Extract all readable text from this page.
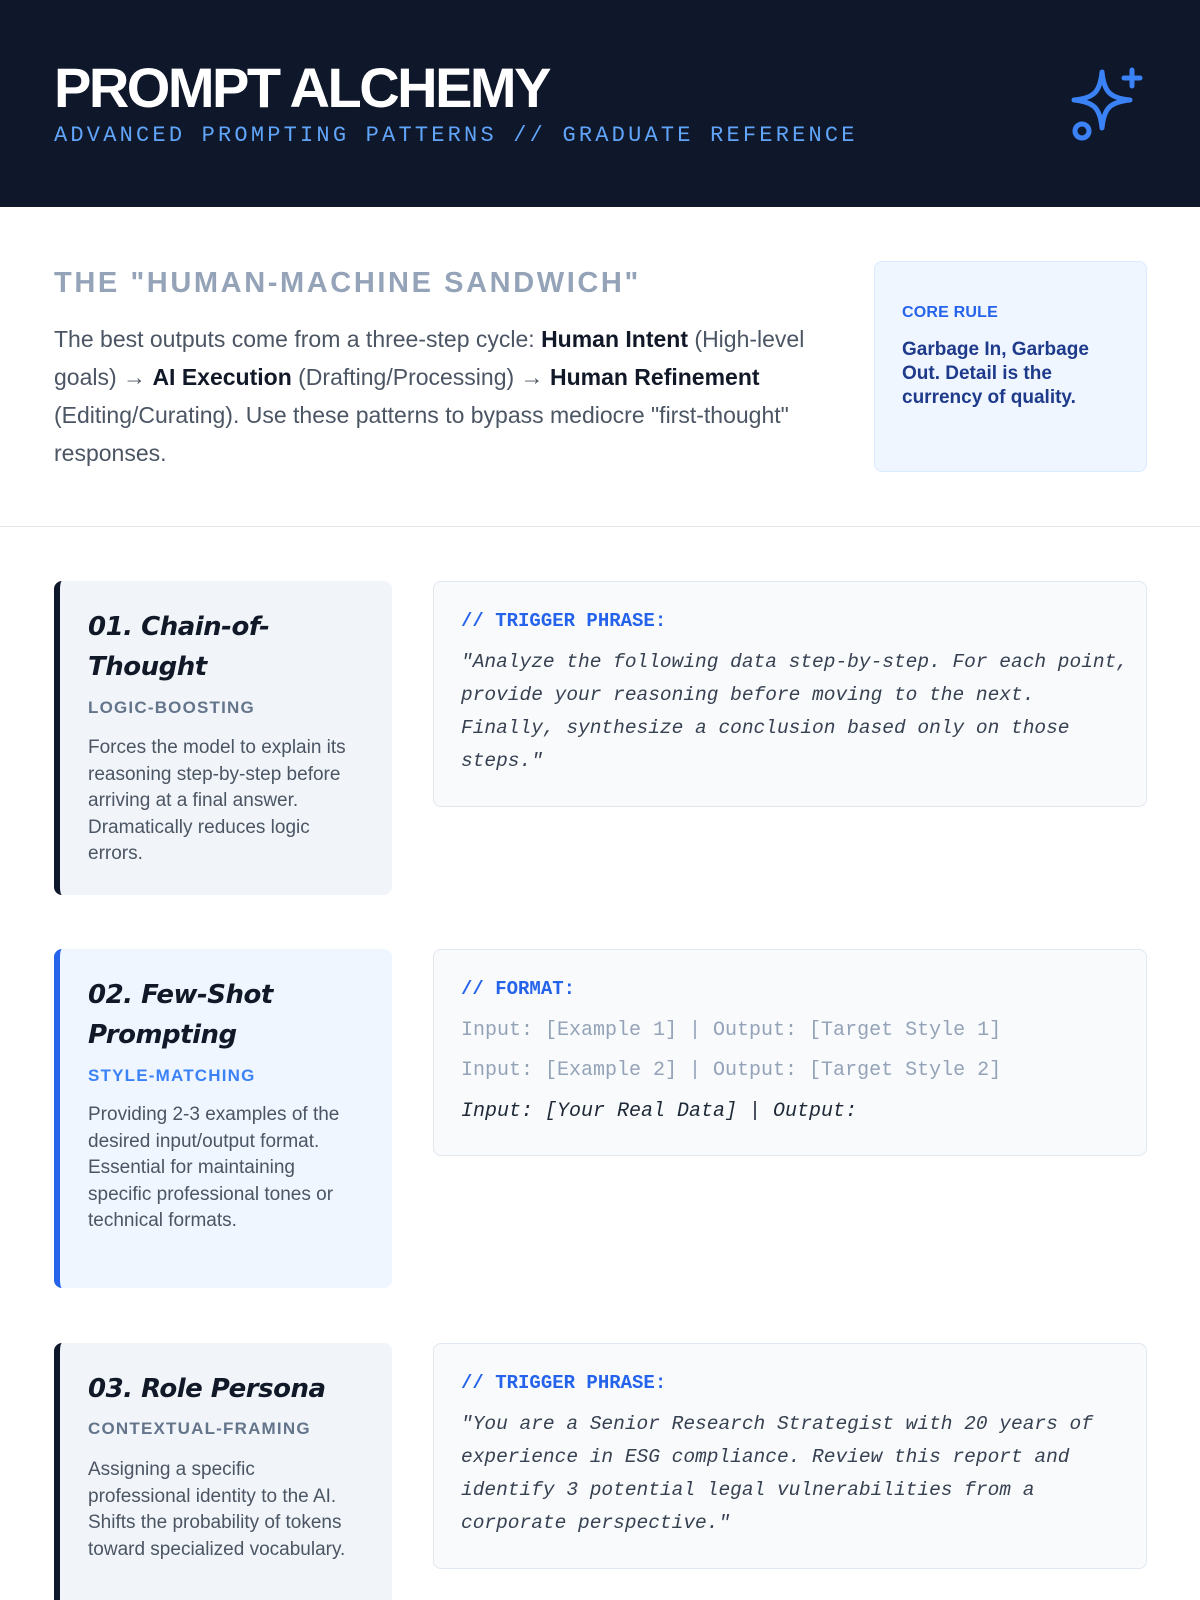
PROMPT ALCHEMY
ADVANCED PROMPTING PATTERNS // GRADUATE REFERENCE
THE "HUMAN-MACHINE SANDWICH"
The best outputs come from a three-step cycle: Human Intent (High-level goals) → AI Execution (Drafting/Processing) → Human Refinement (Editing/Curating). Use these patterns to bypass mediocre "first-thought" responses.
CORE RULE
Garbage In, Garbage Out. Detail is the currency of quality.
01. Chain-of-Thought
LOGIC-BOOSTING
Forces the model to explain its reasoning step-by-step before arriving at a final answer. Dramatically reduces logic errors.
// TRIGGER PHRASE:
"Analyze the following data step-by-step. For each point, provide your reasoning before moving to the next. Finally, synthesize a conclusion based only on those steps."
02. Few-Shot Prompting
STYLE-MATCHING
Providing 2-3 examples of the desired input/output format. Essential for maintaining specific professional tones or technical formats.
// FORMAT:
Input: [Example 1] | Output: [Target Style 1]
Input: [Example 2] | Output: [Target Style 2]
Input: [Your Real Data] | Output:
03. Role Persona
CONTEXTUAL-FRAMING
Assigning a specific professional identity to the AI. Shifts the probability of tokens toward specialized vocabulary.
// TRIGGER PHRASE:
"You are a Senior Research Strategist with 20 years of experience in ESG compliance. Review this report and identify 3 potential legal vulnerabilities from a corporate perspective."
